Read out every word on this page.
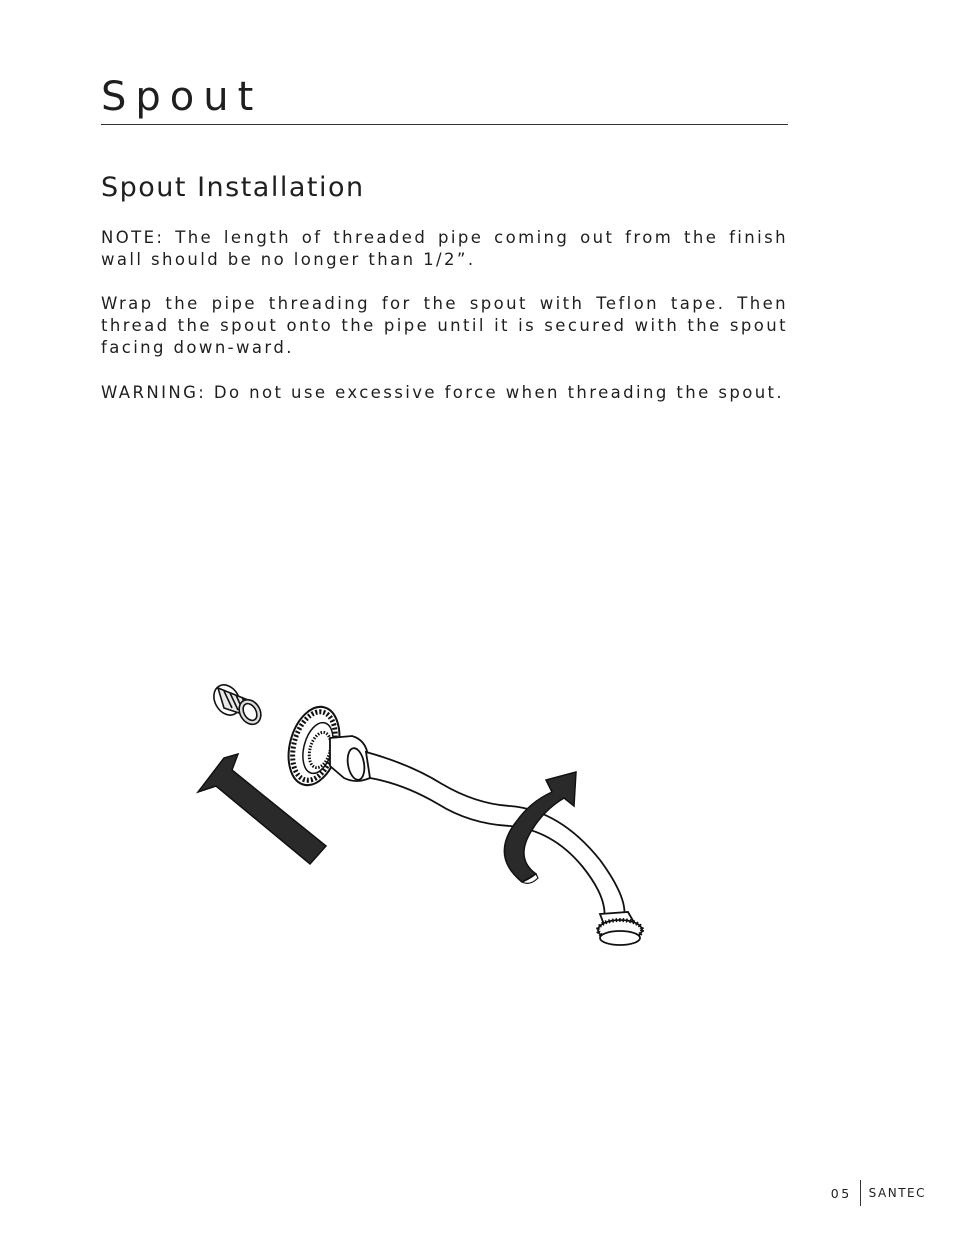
Spout
Spout Installation

NOTE: The length of threaded pipe coming out from the finish wall should be no longer than 1/2”.

Wrap the pipe threading for the spout with Teflon tape. Then thread the spout onto the pipe until it is secured with the spout facing down-ward.

WARNING: Do not use excessive force when threading the spout.

05	SANTEC
